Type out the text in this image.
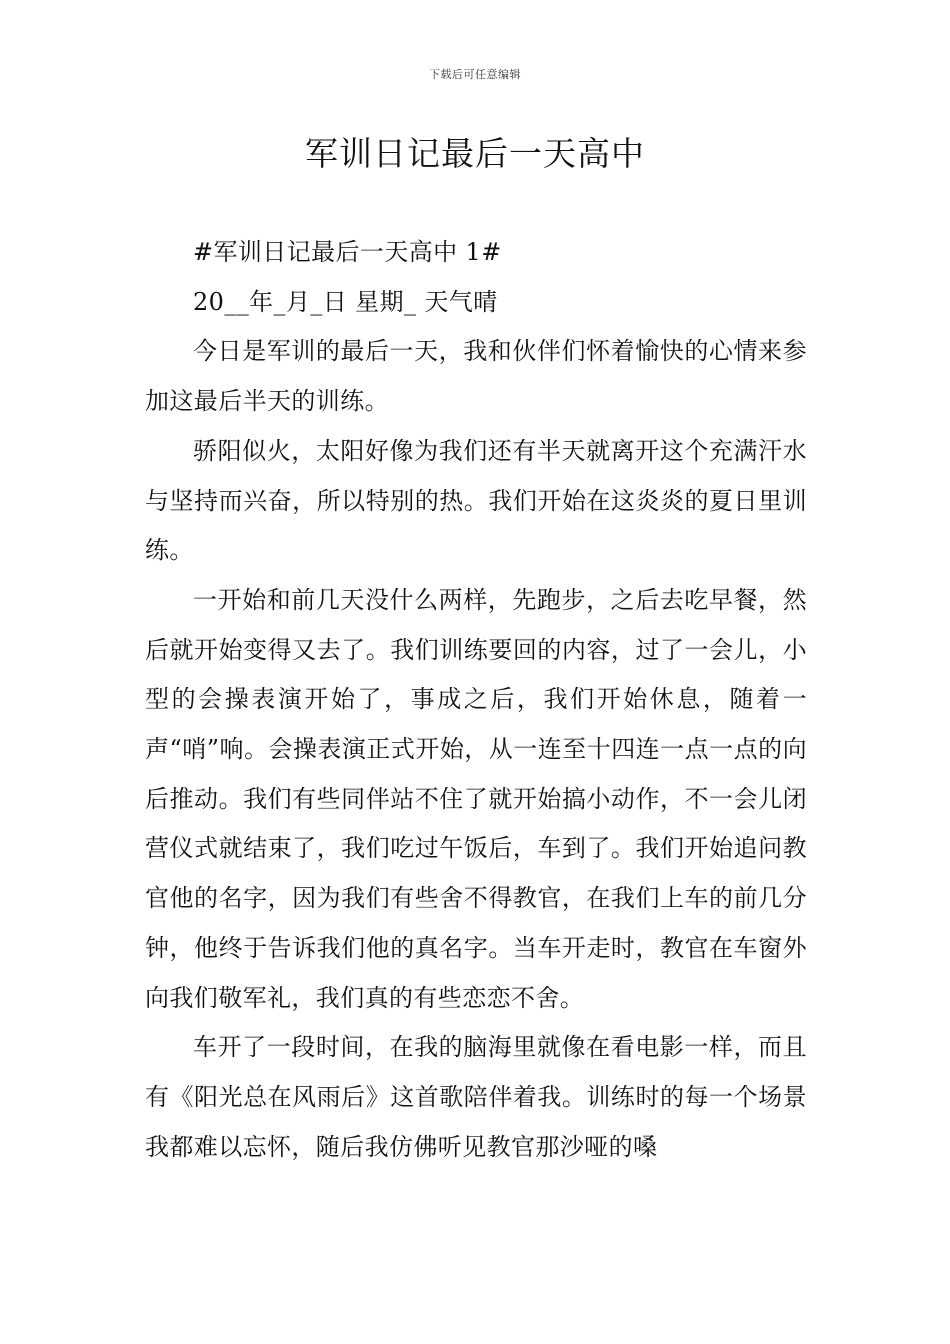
下载后可任意编辑
军训日记最后一天高中

#军训日记最后一天高中 1#

20__年_月_日 星期_ 天气晴

今日是军训的最后一天，我和伙伴们怀着愉快的心情来参加这最后半天的训练。

骄阳似火，太阳好像为我们还有半天就离开这个充满汗水与坚持而兴奋，所以特别的热。我们开始在这炎炎的夏日里训练。

一开始和前几天没什么两样，先跑步，之后去吃早餐，然后就开始变得又去了。我们训练要回的内容，过了一会儿，小型的会操表演开始了，事成之后，我们开始休息，随着一声“哨”响。会操表演正式开始，从一连至十四连一点一点的向后推动。我们有些同伴站不住了就开始搞小动作，不一会儿闭营仪式就结束了，我们吃过午饭后，车到了。我们开始追问教官他的名字，因为我们有些舍不得教官，在我们上车的前几分钟，他终于告诉我们他的真名字。当车开走时，教官在车窗外向我们敬军礼，我们真的有些恋恋不舍。

车开了一段时间，在我的脑海里就像在看电影一样，而且有《阳光总在风雨后》这首歌陪伴着我。训练时的每一个场景我都难以忘怀，随后我仿佛听见教官那沙哑的嗓
